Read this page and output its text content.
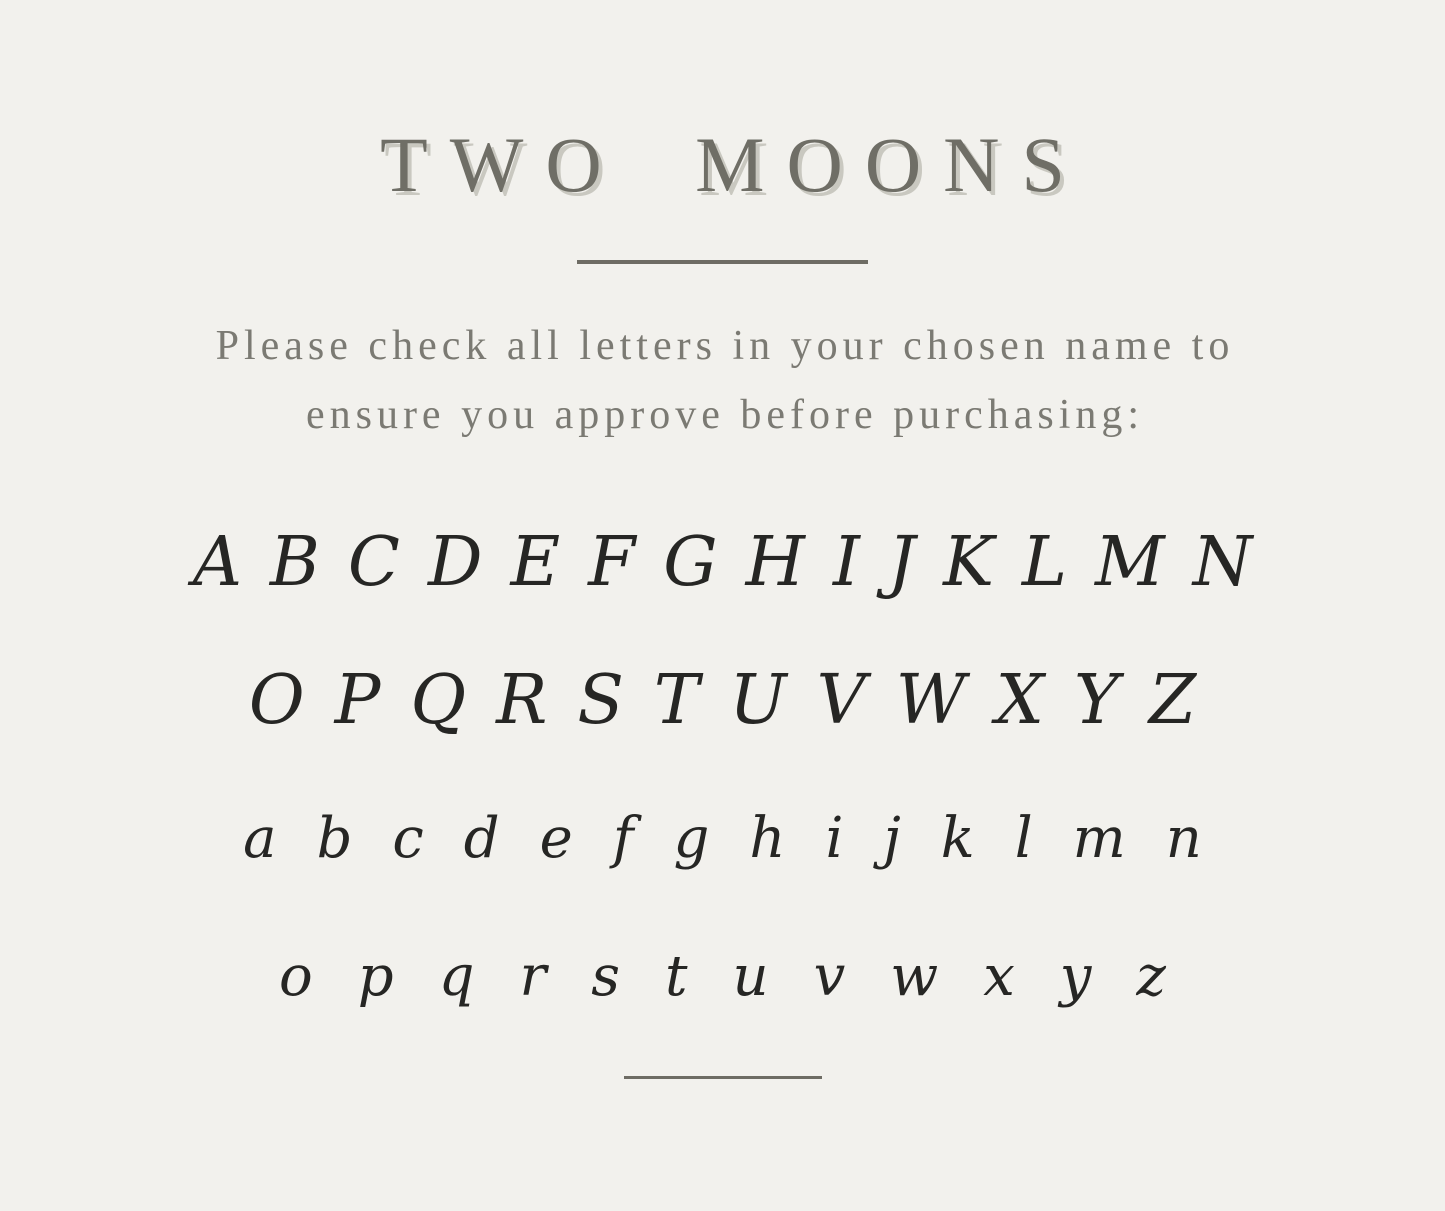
TWO MOONS
Please check all letters in your chosen name to
ensure you approve before purchasing:
A B C D E F G H I J K L M N
O P Q R S T U V W X Y Z
a b c d e f g h i j k l m n
o p q r s t u v w x y z
